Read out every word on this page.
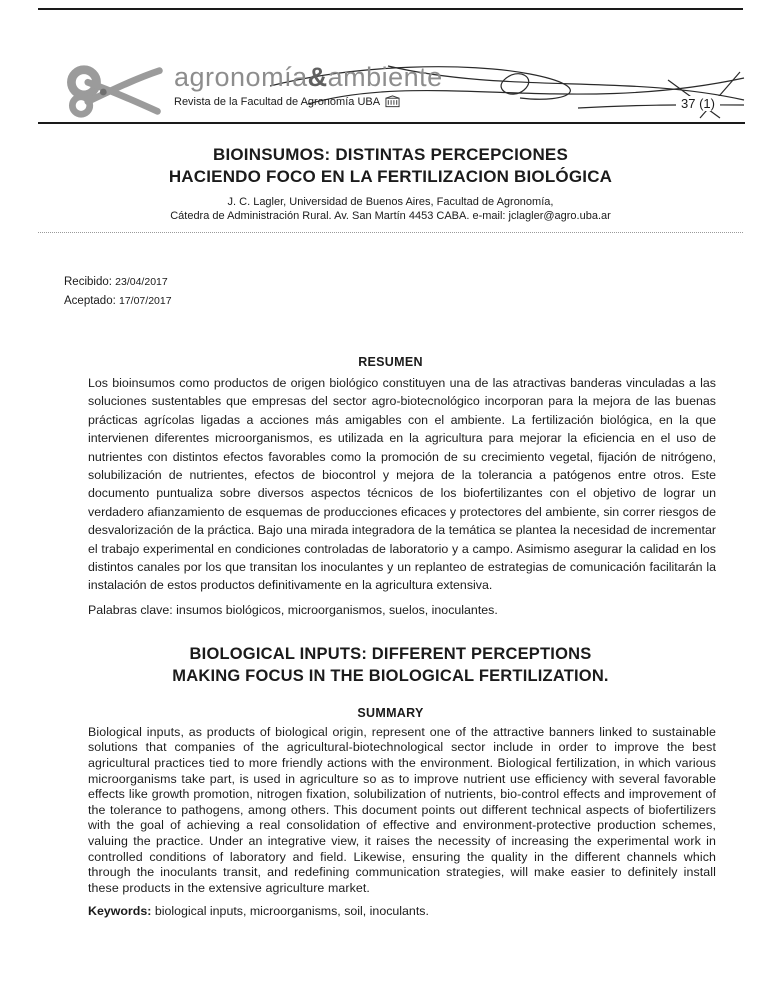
agronomía&ambiente
Revista de la Facultad de Agronomía UBA	37 (1)
BIOINSUMOS: DISTINTAS PERCEPCIONES
HACIENDO FOCO EN LA FERTILIZACION BIOLÓGICA

J. C. Lagler, Universidad de Buenos Aires, Facultad de Agronomía,
Cátedra de Administración Rural. Av. San Martín 4453 CABA. e-mail: jclagler@agro.uba.ar

Recibido: 23/04/2017
Aceptado: 17/07/2017
RESUMEN

Los bioinsumos como productos de origen biológico constituyen una de las atractivas banderas vinculadas a las soluciones sustentables que empresas del sector agro-biotecnológico incorporan para la mejora de las buenas prácticas agrícolas ligadas a acciones más amigables con el ambiente. La fertilización biológica, en la que intervienen diferentes microorganismos, es utilizada en la agricultura para mejorar la eficiencia en el uso de nutrientes con distintos efectos favorables como la promoción de su crecimiento vegetal, fijación de nitrógeno, solubilización de nutrientes, efectos de biocontrol y mejora de la tolerancia a patógenos entre otros. Este documento puntualiza sobre diversos aspectos técnicos de los biofertilizantes con el objetivo de lograr un verdadero afianzamiento de esquemas de producciones eficaces y protectores del ambiente, sin correr riesgos de desvalorización de la práctica. Bajo una mirada integradora de la temática se plantea la necesidad de incrementar el trabajo experimental en condiciones controladas de laboratorio y a campo. Asimismo asegurar la calidad en los distintos canales por los que transitan los inoculantes y un replanteo de estrategias de comunicación facilitarán la instalación de estos productos definitivamente en la agricultura extensiva.

Palabras clave: insumos biológicos, microorganismos, suelos, inoculantes.

BIOLOGICAL INPUTS: DIFFERENT PERCEPTIONS
MAKING FOCUS IN THE BIOLOGICAL FERTILIZATION.
SUMMARY

Biological inputs, as products of biological origin, represent one of the attractive banners linked to sustainable solutions that companies of the agricultural-biotechnological sector include in order to improve the best agricultural practices tied to more friendly actions with the environment. Biological fertilization, in which various microorganisms take part, is used in agriculture so as to improve nutrient use efficiency with several favorable effects like growth promotion, nitrogen fixation, solubilization of nutrients, bio-control effects and improvement of the tolerance to pathogens, among others. This document points out different technical aspects of biofertilizers with the goal of achieving a real consolidation of effective and environment-protective production schemes, valuing the practice. Under an integrative view, it raises the necessity of increasing the experimental work in controlled conditions of laboratory and field. Likewise, ensuring the quality in the different channels which through the inoculants transit, and redefining communication strategies, will make easier to definitely install these products in the extensive agriculture market.

Keywords: biological inputs, microorganisms, soil, inoculants.
